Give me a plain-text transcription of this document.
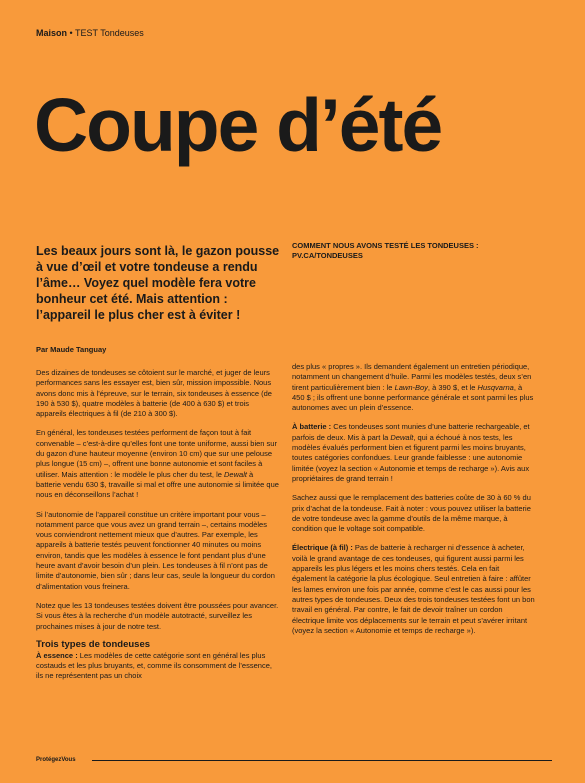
Maison • TEST Tondeuses
Coupe d’été

Les beaux jours sont là, le gazon pousse à vue d’œil et votre tondeuse a rendu l’âme… Voyez quel modèle fera votre bonheur cet été. Mais attention : l’appareil le plus cher est à éviter !

Par Maude Tanguay

COMMENT NOUS AVONS TESTÉ LES TONDEUSES :
PV.CA/TONDEUSES

Des dizaines de tondeuses se côtoient sur le marché, et juger de leurs performances sans les essayer est, bien sûr, mission impossible. Nous avons donc mis à l’épreuve, sur le terrain, six tondeuses à essence (de 190 à 530 $), quatre modèles à batterie (de 400 à 630 $) et trois appareils électriques à fil (de 210 à 300 $).

En général, les tondeuses testées performent de façon tout à fait convenable – c’est-à-dire qu’elles font une tonte uniforme, aussi bien sur du gazon d’une hauteur moyenne (environ 10 cm) que sur une pelouse plus longue (15 cm) –, offrent une bonne autonomie et sont faciles à utiliser. Mais attention : le modèle le plus cher du test, le Dewalt à batterie vendu 630 $, travaille si mal et offre une autonomie si limitée que nous en déconseillons l’achat !

Si l’autonomie de l’appareil constitue un critère important pour vous – notamment parce que vous avez un grand terrain –, certains modèles vous conviendront nettement mieux que d’autres. Par exemple, les appareils à batterie testés peuvent fonctionner 40 minutes ou moins environ, tandis que les modèles à essence le font pendant plus d’une heure avant d’avoir besoin d’un plein. Les tondeuses à fil n’ont pas de limite d’autonomie, bien sûr ; dans leur cas, seule la longueur du cordon d’alimentation vous freinera.

Notez que les 13 tondeuses testées doivent être poussées pour avancer. Si vous êtes à la recherche d’un modèle autotracté, surveillez les prochaines mises à jour de notre test.

Trois types de tondeuses

À essence : Les modèles de cette catégorie sont en général les plus costauds et les plus bruyants, et, comme ils consomment de l’essence, ils ne représentent pas un choix

des plus « propres ». Ils demandent également un entretien périodique, notamment un changement d’huile. Parmi les modèles testés, deux s’en tirent particulièrement bien : le Lawn-Boy, à 390 $, et le Husqvarna, à 450 $ ; ils offrent une bonne performance générale et sont parmi les plus autonomes avec un plein d’essence.

À batterie : Ces tondeuses sont munies d’une batterie rechargeable, et parfois de deux. Mis à part la Dewalt, qui a échoué à nos tests, les modèles évalués performent bien et figurent parmi les moins bruyants, toutes catégories confondues. Leur grande faiblesse : une autonomie limitée (voyez la section « Autonomie et temps de recharge »). Avis aux propriétaires de grand terrain !

Sachez aussi que le remplacement des batteries coûte de 30 à 60 % du prix d’achat de la tondeuse. Fait à noter : vous pouvez utiliser la batterie de votre tondeuse avec la gamme d’outils de la même marque, à condition que le voltage soit compatible.

Électrique (à fil) : Pas de batterie à recharger ni d’essence à acheter, voilà le grand avantage de ces tondeuses, qui figurent aussi parmi les appareils les plus légers et les moins chers testés. Cela en fait également la catégorie la plus écologique. Seul entretien à faire : affûter les lames environ une fois par année, comme c’est le cas aussi pour les autres types de tondeuses. Deux des trois tondeuses testées font un bon travail en général. Par contre, le fait de devoir traîner un cordon électrique limite vos déplacements sur le terrain et peut s’avérer irritant (voyez la section « Autonomie et temps de recharge »).

ProtégezVous
